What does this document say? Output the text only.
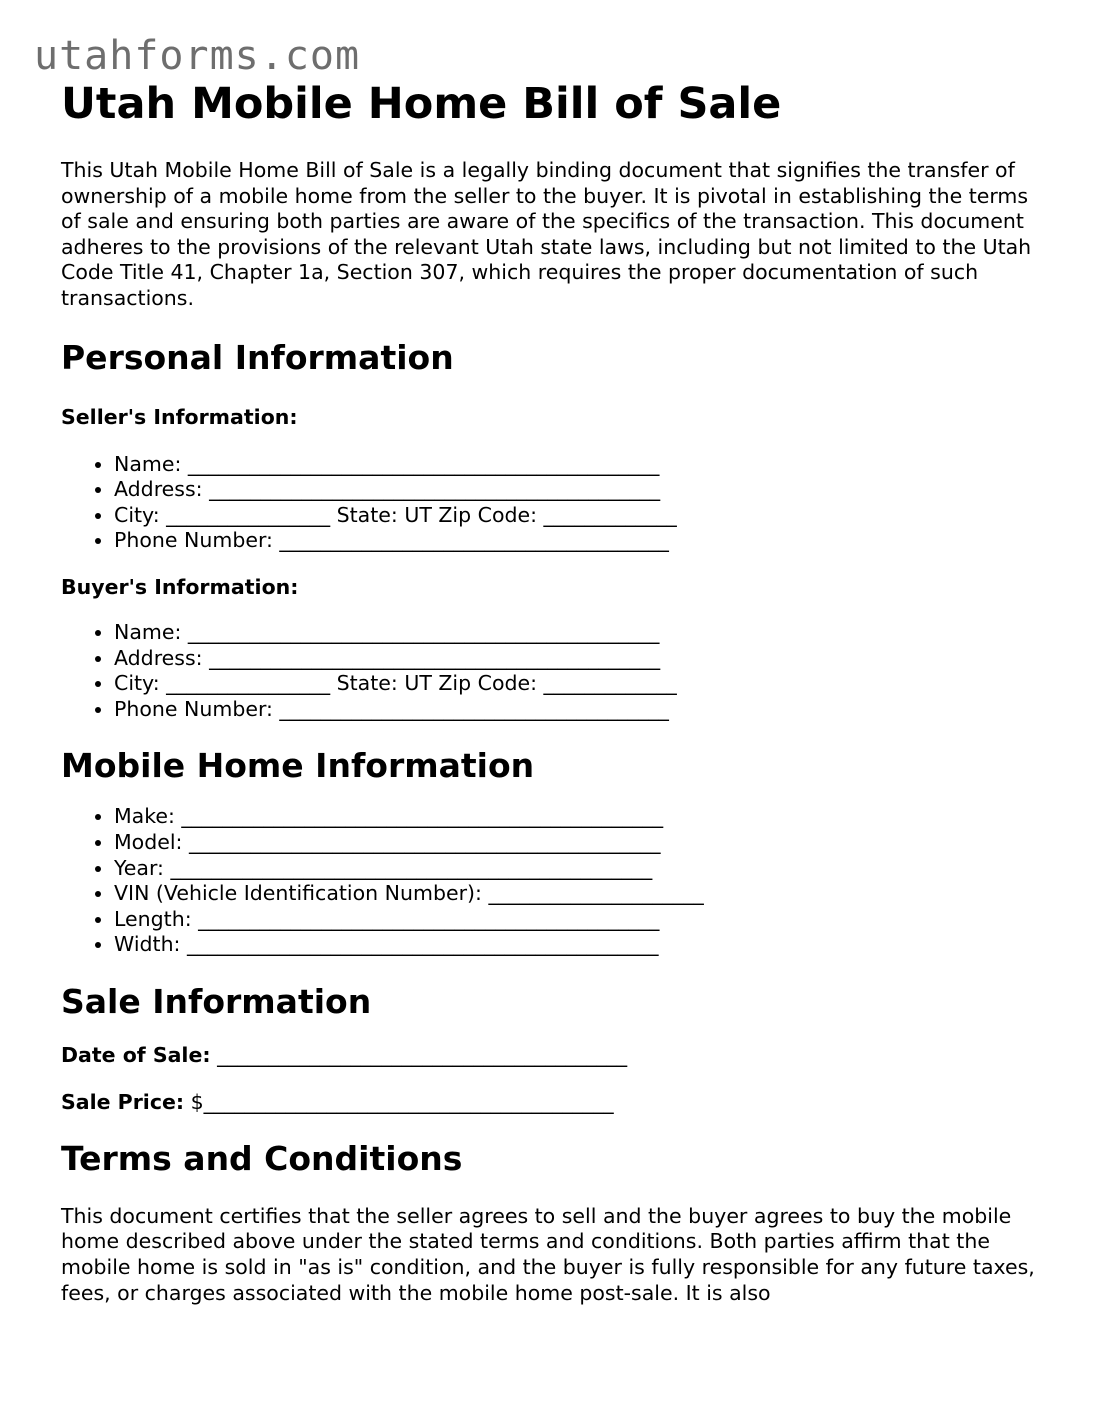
utahforms.com
Utah Mobile Home Bill of Sale

This Utah Mobile Home Bill of Sale is a legally binding document that signifies the transfer of ownership of a mobile home from the seller to the buyer. It is pivotal in establishing the terms of sale and ensuring both parties are aware of the specifics of the transaction. This document adheres to the provisions of the relevant Utah state laws, including but not limited to the Utah Code Title 41, Chapter 1a, Section 307, which requires the proper documentation of such transactions.

Personal Information
Seller's Information:
• Name: ______________________________________________
• Address: ____________________________________________
• City: ________________ State: UT Zip Code: _____________
• Phone Number: ______________________________________
Buyer's Information:
• Name: ______________________________________________
• Address: ____________________________________________
• City: ________________ State: UT Zip Code: _____________
• Phone Number: ______________________________________
Mobile Home Information
• Make: _______________________________________________
• Model: ______________________________________________
• Year: _______________________________________________
• VIN (Vehicle Identification Number): _____________________
• Length: _____________________________________________
• Width: ______________________________________________
Sale Information

Date of Sale: ________________________________________

Sale Price: $________________________________________

Terms and Conditions

This document certifies that the seller agrees to sell and the buyer agrees to buy the mobile home described above under the stated terms and conditions. Both parties affirm that the mobile home is sold in "as is" condition, and the buyer is fully responsible for any future taxes, fees, or charges associated with the mobile home post-sale. It is also
